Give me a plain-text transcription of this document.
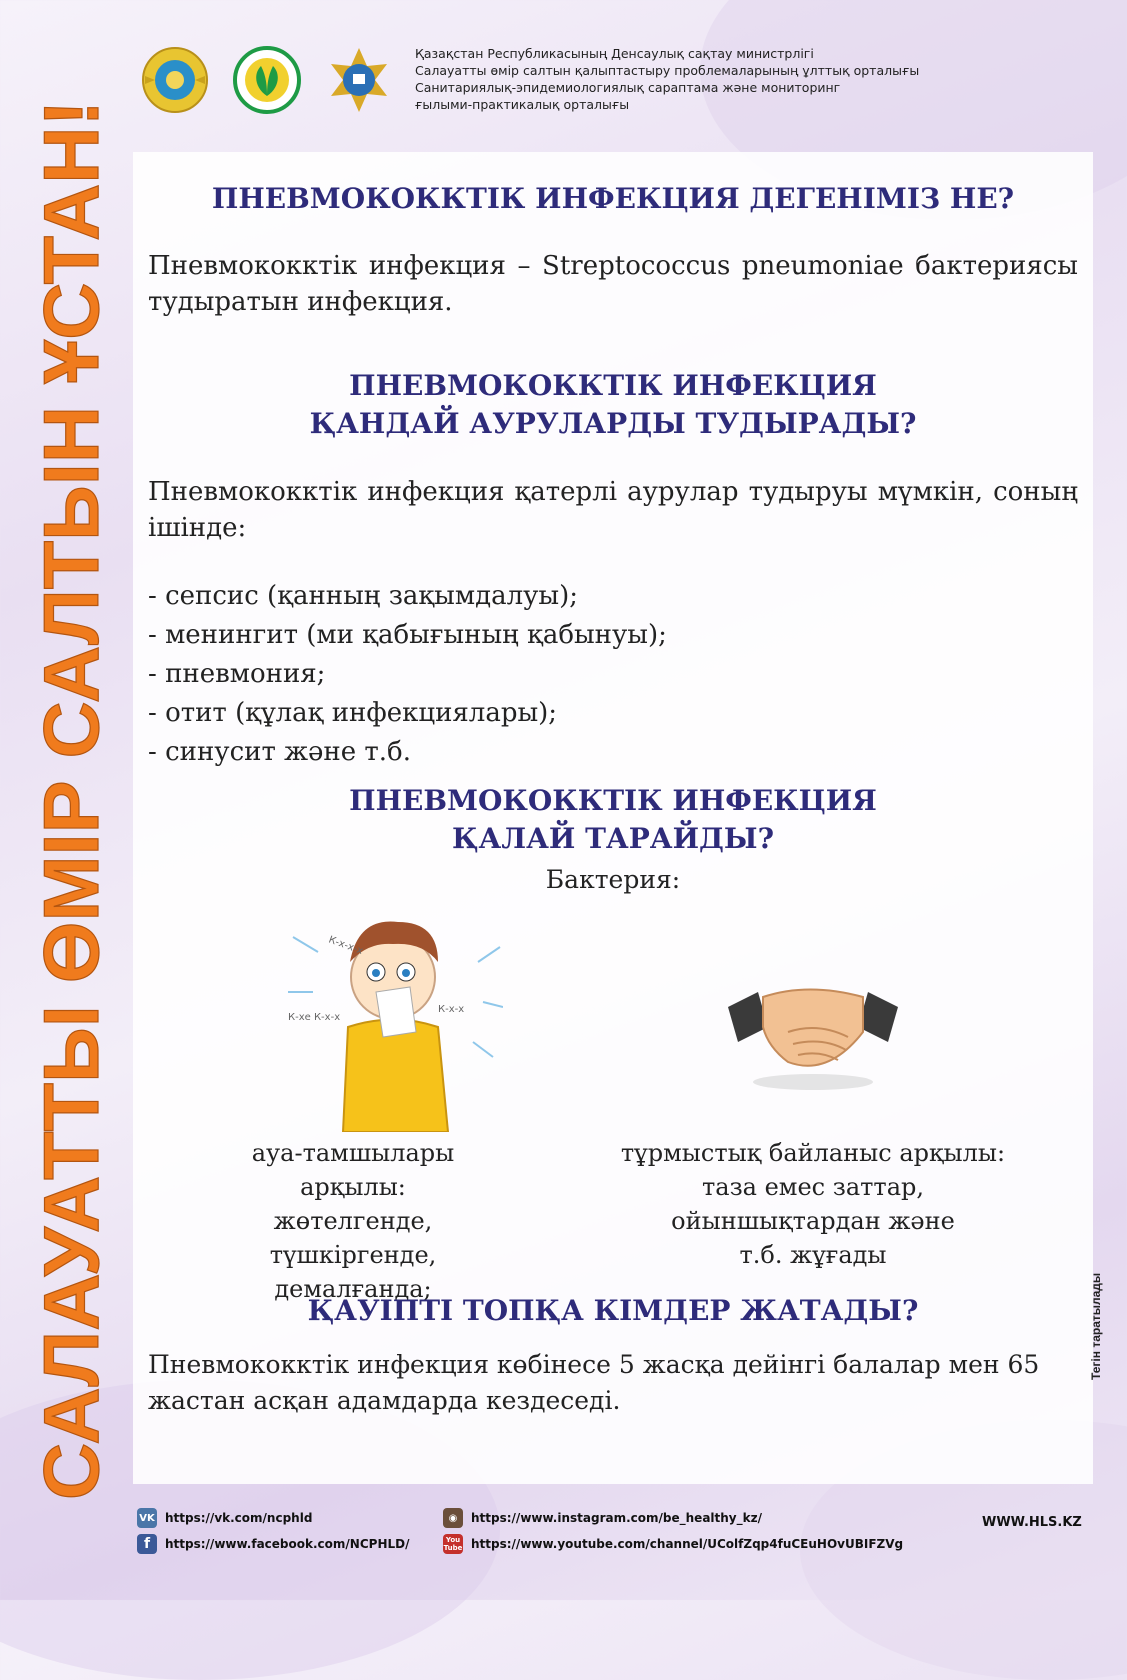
САЛАУАТТЫ ӨМІР САЛТЫН ҰСТАН!
Қазақстан Республикасының Денсаулық сақтау министрлігі
Салауатты өмір салтын қалыптастыру проблемаларының ұлттық орталығы
Санитариялық-эпидемиологиялық сараптама және мониторинг
ғылыми-практикалық орталығы
ПНЕВМОКОККТІК ИНФЕКЦИЯ ДЕГЕНІМІЗ НЕ?
Пневмококктік инфекция – Streptococcus pneumoniae бактериясы тудыратын инфекция.
ПНЕВМОКОККТІК ИНФЕКЦИЯ
ҚАНДАЙ АУРУЛАРДЫ ТУДЫРАДЫ?
Пневмококктік инфекция қатерлі аурулар тудыруы мүмкін, соның ішінде:
- сепсис (қанның зақымдалуы);
- менингит (ми қабығының қабынуы);
- пневмония;
- отит (құлақ инфекциялары);
- синусит және т.б.
ПНЕВМОКОККТІК ИНФЕКЦИЯ
ҚАЛАЙ ТАРАЙДЫ?
Бактерия:
К-х-х-х
К-хе К-х-х
К-х-х
ауа-тамшылары арқылы:
жөтелгенде, түшкіргенде,
демалғанда;
тұрмыстық байланыс арқылы:
таза емес заттар,
ойыншықтардан және
т.б. жұғады
ҚАУІПТІ ТОПҚА КІМДЕР ЖАТАДЫ?
Пневмококктік инфекция көбінесе 5 жасқа дейінгі балалар мен 65 жастан асқан адамдарда кездеседі.
Тегін таратылады
VK https://vk.com/ncphld
f	https://www.facebook.com/NCPHLD/
◉	https://www.instagram.com/be_healthy_kz/
You Tube https://www.youtube.com/channel/UColfZqp4fuCEuHOvUBIFZVg
WWW.HLS.KZ
